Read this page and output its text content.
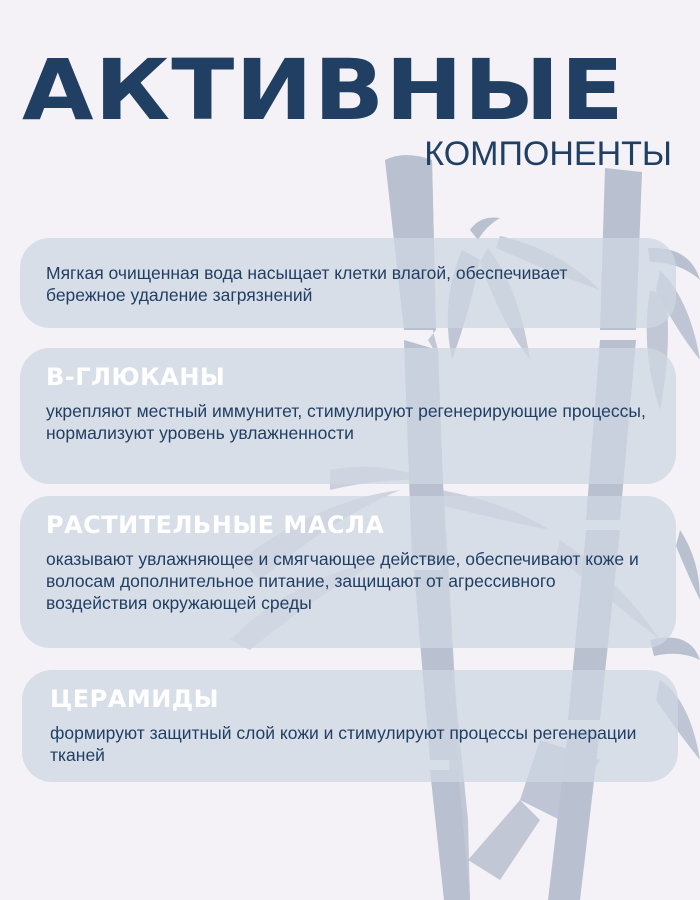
АКТИВНЫЕ
КОМПОНЕНТЫ

Мягкая очищенная вода насыщает клетки влагой, обеспечивает бережное удаление загрязнений

В-ГЛЮКАНЫ

укрепляют местный иммунитет, стимулируют регенерирующие процессы, нормализуют уровень увлажненности

РАСТИТЕЛЬНЫЕ МАСЛА

оказывают увлажняющее и смягчающее действие, обеспечивают коже и волосам дополнительное питание, защищают от агрессивного воздействия окружающей среды

ЦЕРАМИДЫ

формируют защитный слой кожи и стимулируют процессы регенерации тканей
